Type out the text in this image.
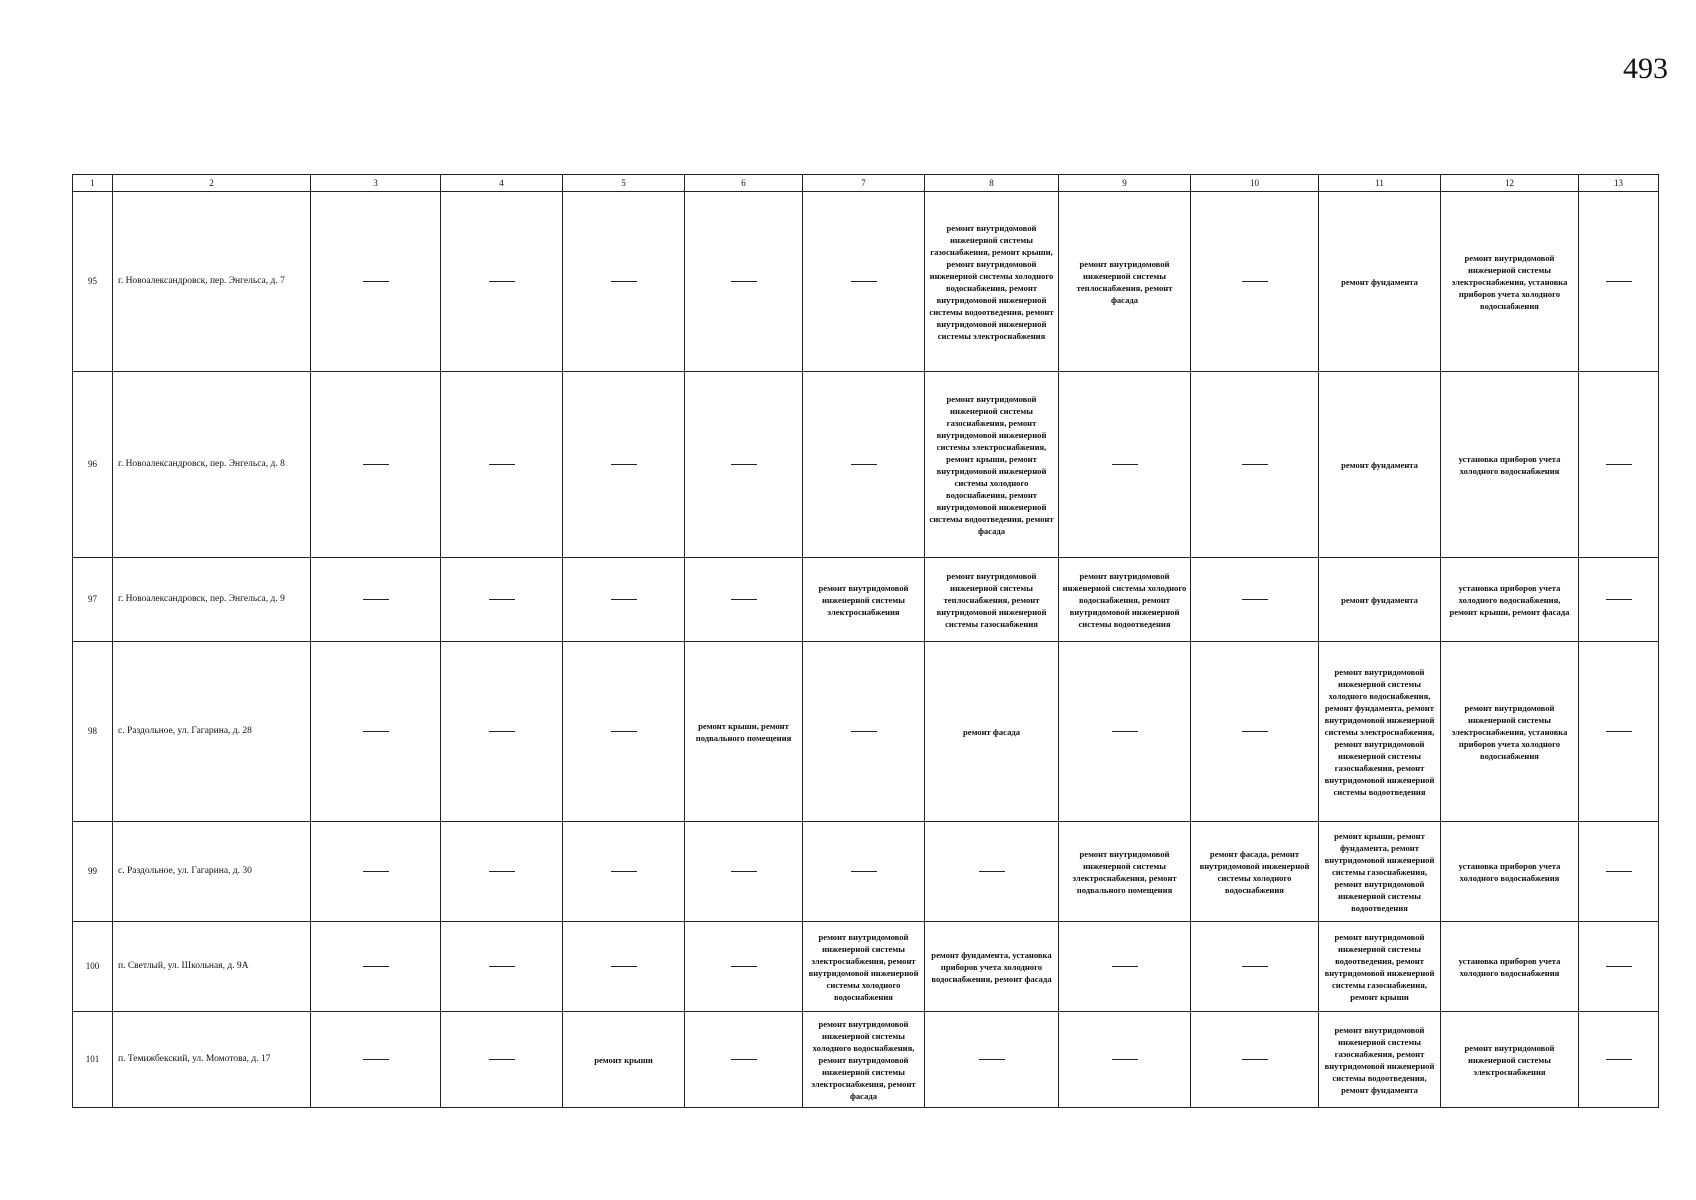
493
1	2	3	4	5	6	7	8	9	10	11	12	13
95	г. Новоалександровск, пер. Энгельса, д. 7						ремонт внутридомовой инженерной системы газоснабжения, ремонт крыши, ремонт внутридомовой инженерной системы холодного водоснабжения, ремонт внутридомовой инженерной системы водоотведения, ремонт внутридомовой инженерной системы электроснабжения	ремонт внутридомовой инженерной системы теплоснабжения, ремонт фасада		ремонт фундамента	ремонт внутридомовой инженерной системы электроснабжения, установка приборов учета холодного водоснабжения	
96	г. Новоалександровск, пер. Энгельса, д. 8						ремонт внутридомовой инженерной системы газоснабжения, ремонт внутридомовой инженерной системы электроснабжения, ремонт крыши, ремонт внутридомовой инженерной системы холодного водоснабжения, ремонт внутридомовой инженерной системы водоотведения, ремонт фасада			ремонт фундамента	установка приборов учета холодного водоснабжения	
97	г. Новоалександровск, пер. Энгельса, д. 9					ремонт внутридомовой инженерной системы электроснабжения	ремонт внутридомовой инженерной системы теплоснабжения, ремонт внутридомовой инженерной системы газоснабжения	ремонт внутридомовой инженерной системы холодного водоснабжения, ремонт внутридомовой инженерной системы водоотведения		ремонт фундамента	установка приборов учета холодного водоснабжения, ремонт крыши, ремонт фасада	
98	с. Раздольное, ул. Гагарина, д. 28				ремонт крыши, ремонт подвального помещения		ремонт фасада			ремонт внутридомовой инженерной системы холодного водоснабжения, ремонт фундамента, ремонт внутридомовой инженерной системы электроснабжения, ремонт внутридомовой инженерной системы газоснабжения, ремонт внутридомовой инженерной системы водоотведения	ремонт внутридомовой инженерной системы электроснабжения, установка приборов учета холодного водоснабжения	
99	с. Раздольное, ул. Гагарина, д. 30							ремонт внутридомовой инженерной системы электроснабжения, ремонт подвального помещения	ремонт фасада, ремонт внутридомовой инженерной системы холодного водоснабжения	ремонт крыши, ремонт фундамента, ремонт внутридомовой инженерной системы газоснабжения, ремонт внутридомовой инженерной системы водоотведения	установка приборов учета холодного водоснабжения	
100	п. Светлый, ул. Школьная, д. 9А					ремонт внутридомовой инженерной системы электроснабжения, ремонт внутридомовой инженерной системы холодного водоснабжения	ремонт фундамента, установка приборов учета холодного водоснабжения, ремонт фасада			ремонт внутридомовой инженерной системы водоотведения, ремонт внутридомовой инженерной системы газоснабжения, ремонт крыши	установка приборов учета холодного водоснабжения	
101	п. Темижбекский, ул. Момотова, д. 17			ремонт крыши		ремонт внутридомовой инженерной системы холодного водоснабжения, ремонт внутридомовой инженерной системы электроснабжения, ремонт фасада				ремонт внутридомовой инженерной системы газоснабжения, ремонт внутридомовой инженерной системы водоотведения, ремонт фундамента	ремонт внутридомовой инженерной системы электроснабжения	
